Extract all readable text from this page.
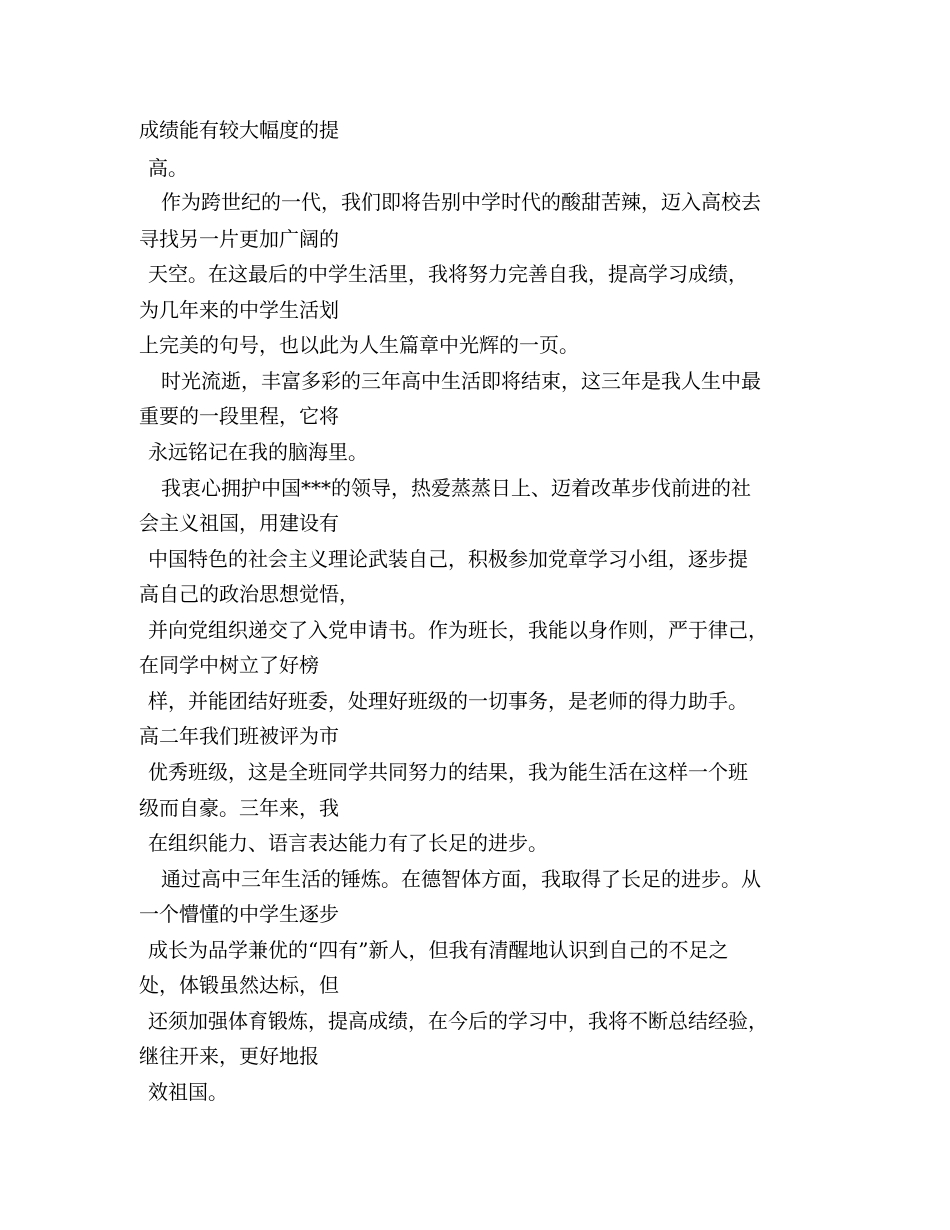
成绩能有较大幅度的提
高。
作为跨世纪的一代，我们即将告别中学时代的酸甜苦辣，迈入高校去
寻找另一片更加广阔的
天空。在这最后的中学生活里，我将努力完善自我，提高学习成绩，
为几年来的中学生活划
上完美的句号，也以此为人生篇章中光辉的一页。
时光流逝，丰富多彩的三年高中生活即将结束，这三年是我人生中最
重要的一段里程，它将
永远铭记在我的脑海里。
我衷心拥护中国***的领导，热爱蒸蒸日上、迈着改革步伐前进的社
会主义祖国，用建设有
中国特色的社会主义理论武装自己，积极参加党章学习小组，逐步提
高自己的政治思想觉悟，
并向党组织递交了入党申请书。作为班长，我能以身作则，严于律己，
在同学中树立了好榜
样，并能团结好班委，处理好班级的一切事务，是老师的得力助手。
高二年我们班被评为市
优秀班级，这是全班同学共同努力的结果，我为能生活在这样一个班
级而自豪。三年来，我
在组织能力、语言表达能力有了长足的进步。
通过高中三年生活的锤炼。在德智体方面，我取得了长足的进步。从
一个懵懂的中学生逐步
成长为品学兼优的“四有”新人，但我有清醒地认识到自己的不足之
处，体锻虽然达标，但
还须加强体育锻炼，提高成绩，在今后的学习中，我将不断总结经验，
继往开来，更好地报
效祖国。
